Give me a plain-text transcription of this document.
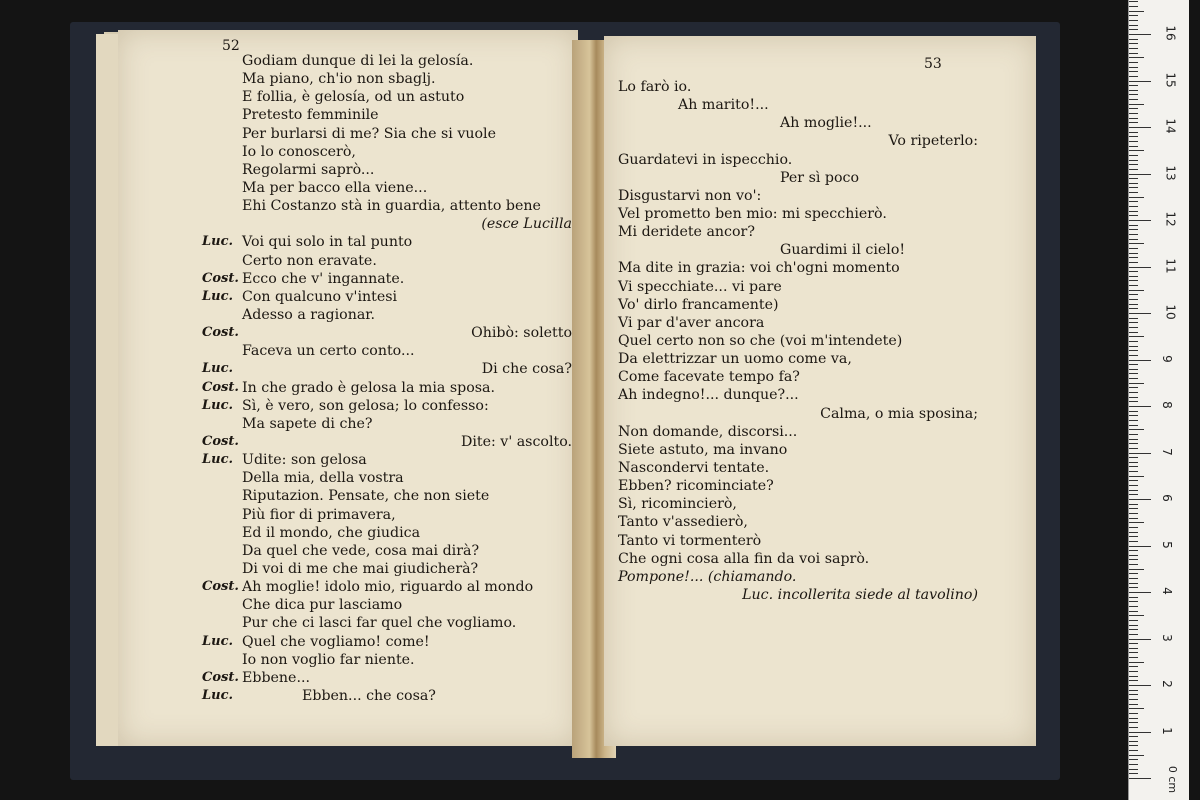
52
Godiam dunque di lei la gelosía.
Ma piano, ch'io non sbaglj.
E follia, è gelosía, od un astuto
Pretesto femminile
Per burlarsi di me? Sia che si vuole
Io lo conoscerò,
Regolarmi saprò...
Ma per bacco ella viene...
Ehi Costanzo stà in guardia, attento bene
(esce Lucilla
Luc. Voi qui solo in tal punto
Certo non eravate.
Cost. Ecco che v' ingannate.
Luc. Con qualcuno v'intesi
Adesso a ragionar.
Cost.	Ohibò: soletto
Faceva un certo conto...
Luc.	Di che cosa?
Cost. In che grado è gelosa la mia sposa.
Luc. Sì, è vero, son gelosa; lo confesso:
Ma sapete di che?
Cost.	Dite: v' ascolto.
Luc. Udite: son gelosa
Della mia, della vostra
Riputazion. Pensate, che non siete
Più fior di primavera,
Ed il mondo, che giudica
Da quel che vede, cosa mai dirà?
Di voi di me che mai giudicherà?
Cost. Ah moglie! idolo mio, riguardo al mondo
Che dica pur lasciamo
Pur che ci lasci far quel che vogliamo.
Luc. Quel che vogliamo! come!
Io non voglio far niente.
Cost. Ebbene...
Luc.	Ebben... che cosa?
53
Lo farò io.
Ah marito!...
Ah moglie!...
Vo ripeterlo:
Guardatevi in ispecchio.
Per sì poco
Disgustarvi non vo':
Vel prometto ben mio: mi specchierò.
Mi deridete ancor?
Guardimi il cielo!
Ma dite in grazia: voi ch'ogni momento
Vi specchiate... vi pare
Vo' dirlo francamente)
Vi par d'aver ancora
Quel certo non so che (voi m'intendete)
Da elettrizzar un uomo come va,
Come facevate tempo fa?
Ah indegno!... dunque?...
Calma, o mia sposina;
Non domande, discorsi...
Siete astuto, ma invano
Nascondervi tentate.
Ebben? ricominciate?
Sì, ricomincierò,
Tanto v'assedierò,
Tanto vi tormenterò
Che ogni cosa alla fin da voi saprò.
Pompone!... (chiamando.
Luc. incollerita siede al tavolino)
0 cm
1
2
3
4
5
6
7
8
9
10
11
12
13
14
15
16
